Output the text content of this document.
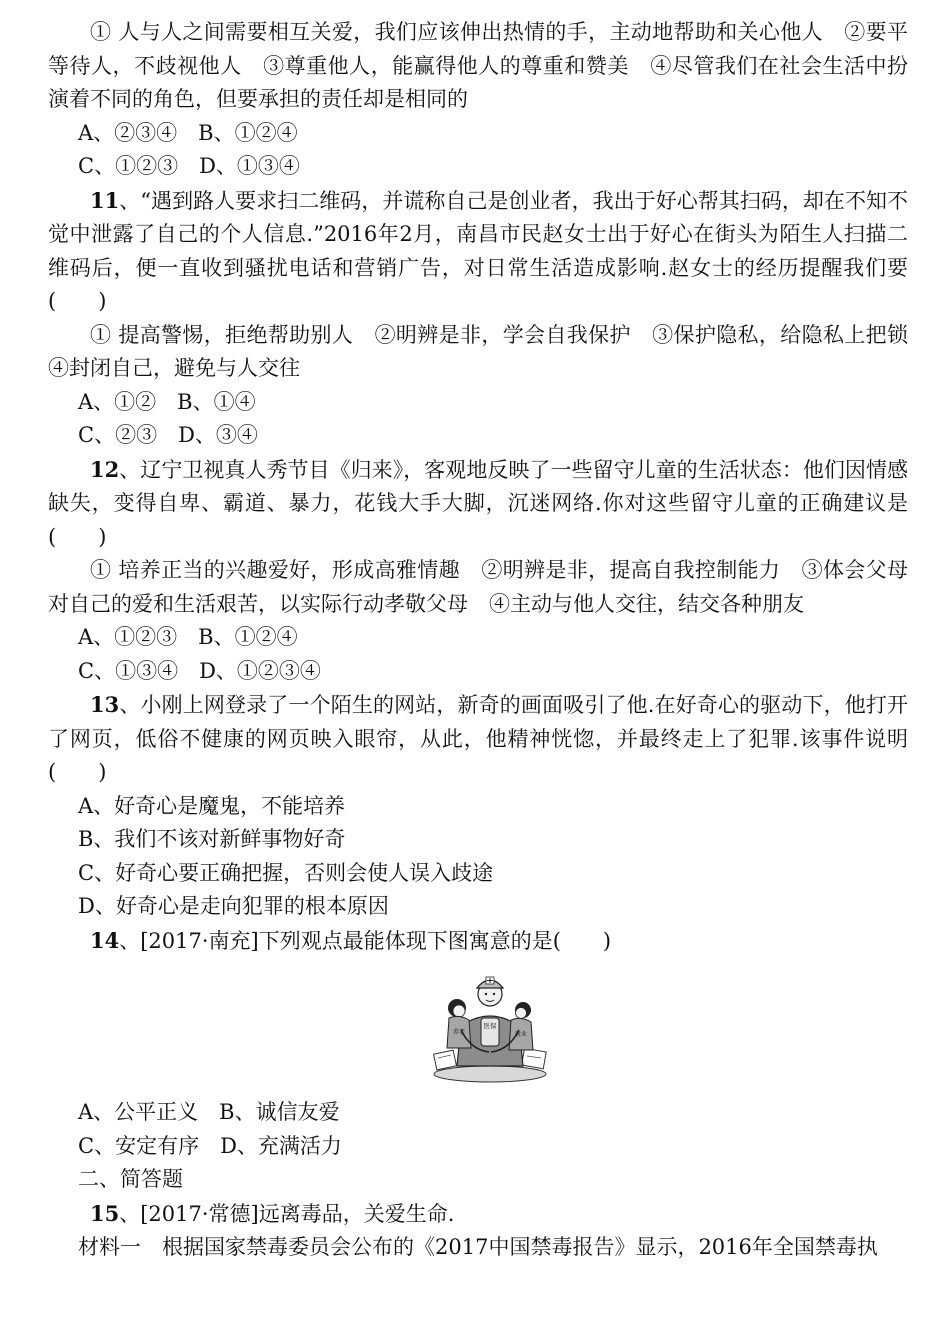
① 人与人之间需要相互关爱，我们应该伸出热情的手，主动地帮助和关心他人　②要平等待人，不歧视他人　③尊重他人，能赢得他人的尊重和赞美　④尽管我们在社会生活中扮演着不同的角色，但要承担的责任却是相同的

A、②③④　B、①②④

C、①②③　D、①③④

11、“遇到路人要求扫二维码，并谎称自己是创业者，我出于好心帮其扫码，却在不知不觉中泄露了自己的个人信息.”2016年2月，南昌市民赵女士出于好心在街头为陌生人扫描二维码后，便一直收到骚扰电话和营销广告，对日常生活造成影响.赵女士的经历提醒我们要(　　)

① 提高警惕，拒绝帮助别人　②明辨是非，学会自我保护　③保护隐私，给隐私上把锁　④封闭自己，避免与人交往

A、①②　B、①④

C、②③　D、③④

12、辽宁卫视真人秀节目《归来》，客观地反映了一些留守儿童的生活状态：他们因情感缺失，变得自卑、霸道、暴力，花钱大手大脚，沉迷网络.你对这些留守儿童的正确建议是(　　)

① 培养正当的兴趣爱好，形成高雅情趣　②明辨是非，提高自我控制能力　③体会父母对自己的爱和生活艰苦，以实际行动孝敬父母　④主动与他人交往，结交各种朋友

A、①②③　B、①②④

C、①③④　D、①②③④

13、小刚上网登录了一个陌生的网站，新奇的画面吸引了他.在好奇心的驱动下，他打开了网页，低俗不健康的网页映入眼帘，从此，他精神恍惚，并最终走上了犯罪.该事件说明(　　)

A、好奇心是魔鬼，不能培养

B、我们不该对新鲜事物好奇

C、好奇心要正确把握，否则会使人误入歧途

D、好奇心是走向犯罪的根本原因

14、[2017·南充]下列观点最能体现下图寓意的是(　　)

医保
养老	就业

A、公平正义　B、诚信友爱

C、安定有序　D、充满活力

二、简答题

15、[2017·常德]远离毒品，关爱生命.

材料一　根据国家禁毒委员会公布的《2017中国禁毒报告》显示，2016年全国禁毒执
